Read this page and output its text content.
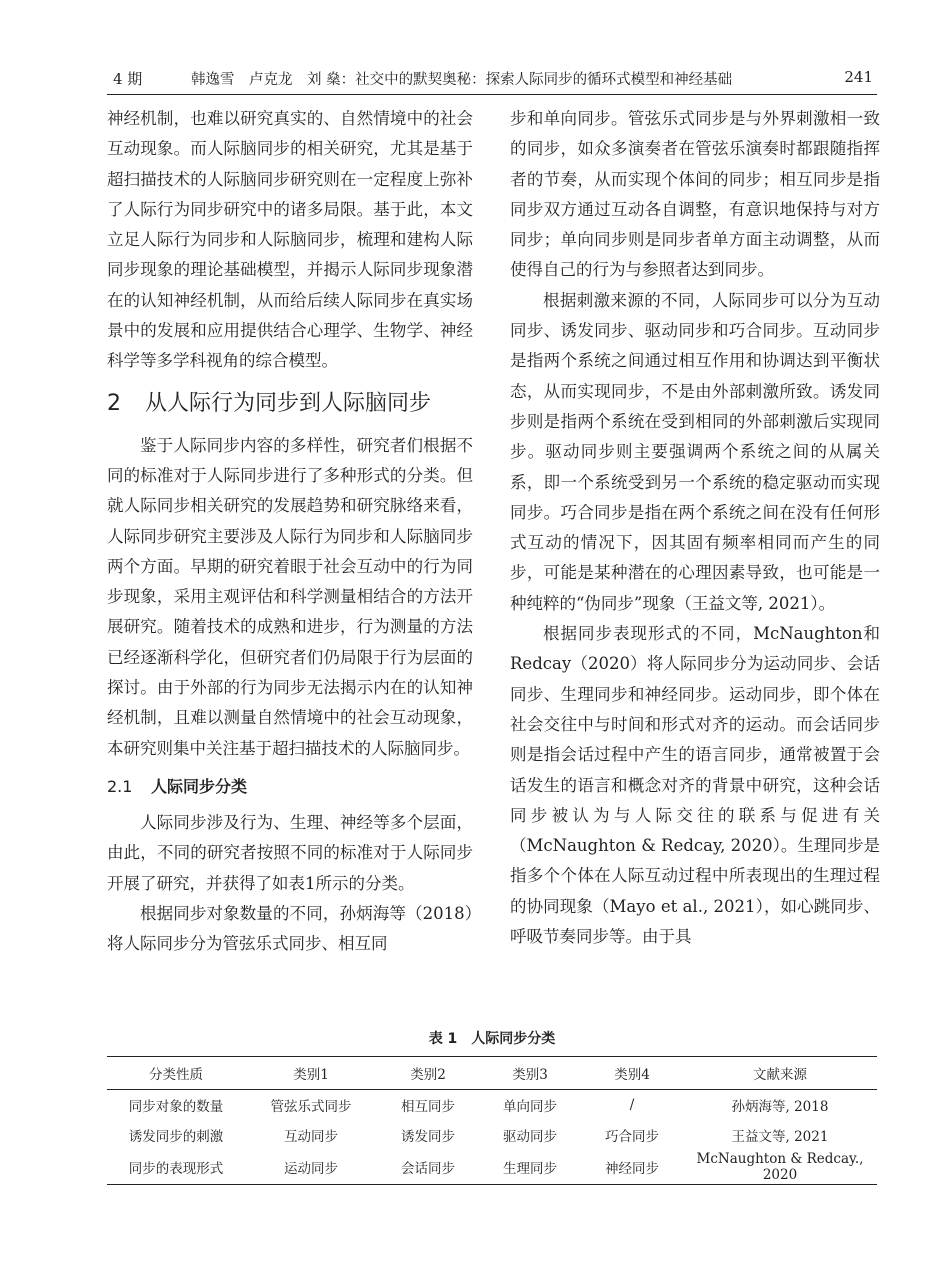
4 期	韩逸雪　卢克龙　刘 燊：社交中的默契奥秘：探索人际同步的循环式模型和神经基础	241

神经机制，也难以研究真实的、自然情境中的社会互动现象。而人际脑同步的相关研究，尤其是基于超扫描技术的人际脑同步研究则在一定程度上弥补了人际行为同步研究中的诸多局限。基于此，本文立足人际行为同步和人际脑同步，梳理和建构人际同步现象的理论基础模型，并揭示人际同步现象潜在的认知神经机制，从而给后续人际同步在真实场景中的发展和应用提供结合心理学、生物学、神经科学等多学科视角的综合模型。

2 从人际行为同步到人际脑同步

鉴于人际同步内容的多样性，研究者们根据不同的标准对于人际同步进行了多种形式的分类。但就人际同步相关研究的发展趋势和研究脉络来看，人际同步研究主要涉及人际行为同步和人际脑同步两个方面。早期的研究着眼于社会互动中的行为同步现象，采用主观评估和科学测量相结合的方法开展研究。随着技术的成熟和进步，行为测量的方法已经逐渐科学化，但研究者们仍局限于行为层面的探讨。由于外部的行为同步无法揭示内在的认知神经机制，且难以测量自然情境中的社会互动现象，本研究则集中关注基于超扫描技术的人际脑同步。

2.1 人际同步分类

人际同步涉及行为、生理、神经等多个层面，由此，不同的研究者按照不同的标准对于人际同步开展了研究，并获得了如表1所示的分类。

根据同步对象数量的不同，孙炳海等（2018）将人际同步分为管弦乐式同步、相互同

步和单向同步。管弦乐式同步是与外界刺激相一致的同步，如众多演奏者在管弦乐演奏时都跟随指挥者的节奏，从而实现个体间的同步；相互同步是指同步双方通过互动各自调整，有意识地保持与对方同步；单向同步则是同步者单方面主动调整，从而使得自己的行为与参照者达到同步。

根据刺激来源的不同，人际同步可以分为互动同步、诱发同步、驱动同步和巧合同步。互动同步是指两个系统之间通过相互作用和协调达到平衡状态，从而实现同步，不是由外部刺激所致。诱发同步则是指两个系统在受到相同的外部刺激后实现同步。驱动同步则主要强调两个系统之间的从属关系，即一个系统受到另一个系统的稳定驱动而实现同步。巧合同步是指在两个系统之间在没有任何形式互动的情况下，因其固有频率相同而产生的同步，可能是某种潜在的心理因素导致，也可能是一种纯粹的“伪同步”现象（王益文等, 2021）。

根据同步表现形式的不同，McNaughton和Redcay（2020）将人际同步分为运动同步、会话同步、生理同步和神经同步。运动同步，即个体在社会交往中与时间和形式对齐的运动。而会话同步则是指会话过程中产生的语言同步，通常被置于会话发生的语言和概念对齐的背景中研究，这种会话同步被认为与人际交往的联系与促进有关（McNaughton & Redcay, 2020）。生理同步是指多个个体在人际互动过程中所表现出的生理过程的协同现象（Mayo et al., 2021），如心跳同步、呼吸节奏同步等。由于具

表 1　人际同步分类
分类性质	类别1	类别2	类别3	类别4	文献来源
同步对象的数量	管弦乐式同步	相互同步	单向同步	/	孙炳海等, 2018
诱发同步的刺激	互动同步	诱发同步	驱动同步	巧合同步	王益文等, 2021
同步的表现形式	运动同步	会话同步	生理同步	神经同步	McNaughton & Redcay., 2020
